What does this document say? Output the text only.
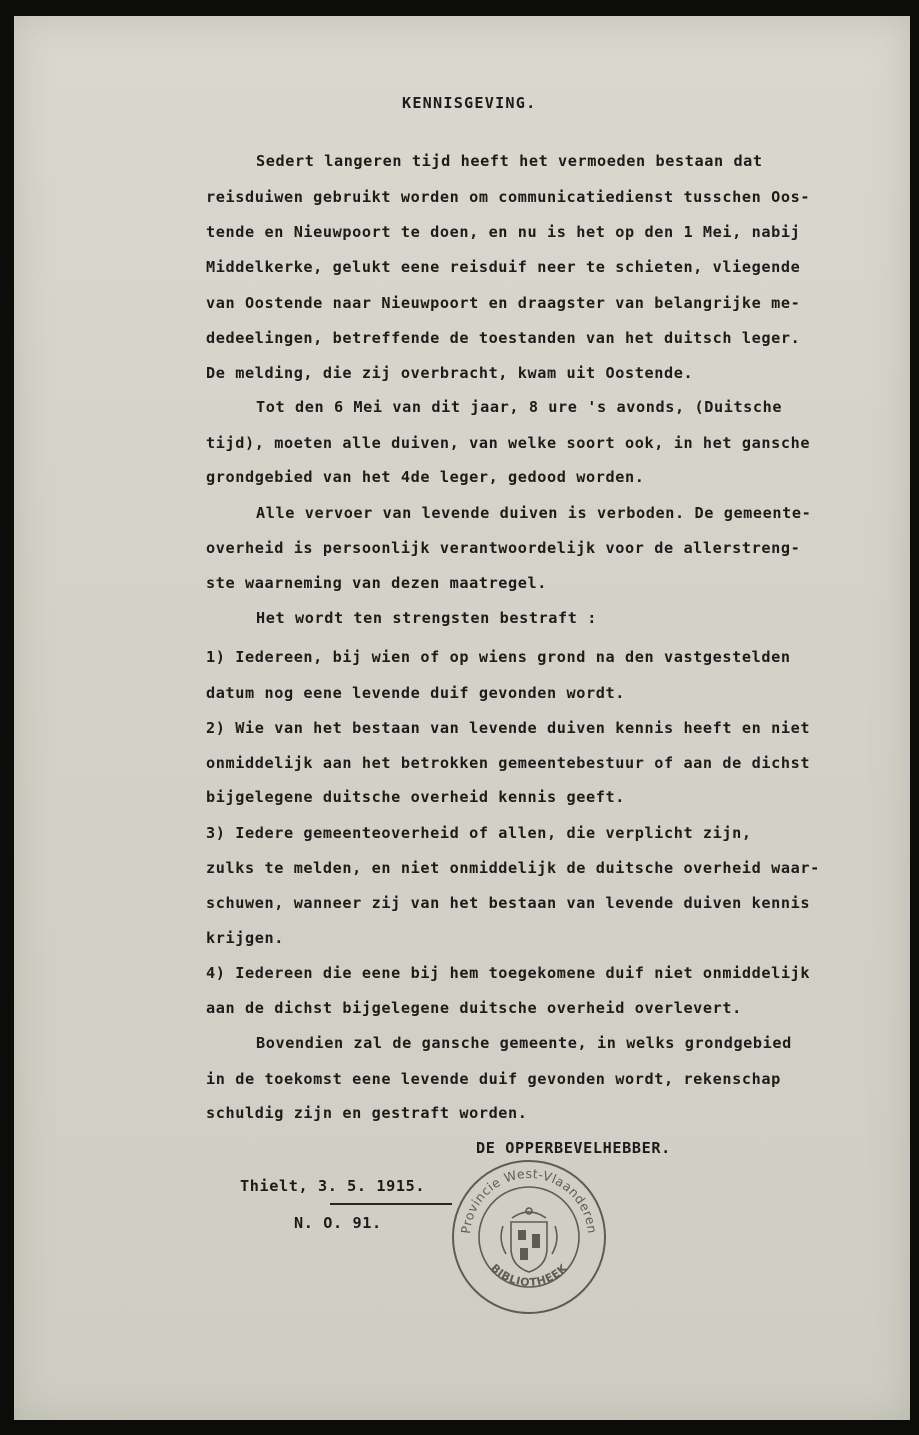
KENNISGEVING.
Sedert langeren tijd heeft het vermoeden bestaan dat
reisduiwen gebruikt worden om communicatiedienst tusschen Oos-
tende en Nieuwpoort te doen, en nu is het op den 1 Mei, nabij
Middelkerke, gelukt eene reisduif neer te schieten, vliegende
van Oostende naar Nieuwpoort en draagster van belangrijke me-
dedeelingen, betreffende de toestanden van het duitsch leger.
De melding, die zij overbracht, kwam uit Oostende.
Tot den 6 Mei van dit jaar, 8 ure 's avonds, (Duitsche
tijd), moeten alle duiven, van welke soort ook, in het gansche
grondgebied van het 4de leger, gedood worden.
Alle vervoer van levende duiven is verboden. De gemeente-
overheid is persoonlijk verantwoordelijk voor de allerstreng-
ste waarneming van dezen maatregel.
Het wordt ten strengsten bestraft :
1) Iedereen, bij wien of op wiens grond na den vastgestelden
datum nog eene levende duif gevonden wordt.
2) Wie van het bestaan van levende duiven kennis heeft en niet
onmiddelijk aan het betrokken gemeentebestuur of aan de dichst
bijgelegene duitsche overheid kennis geeft.
3) Iedere gemeenteoverheid of allen, die verplicht zijn,
zulks te melden, en niet onmiddelijk de duitsche overheid waar-
schuwen, wanneer zij van het bestaan van levende duiven kennis
krijgen.
4) Iedereen die eene bij hem toegekomene duif niet onmiddelijk
aan de dichst bijgelegene duitsche overheid overlevert.
Bovendien zal de gansche gemeente, in welks grondgebied
in de toekomst eene levende duif gevonden wordt, rekenschap
schuldig zijn en gestraft worden.
DE OPPERBEVELHEBBER.
Thielt, 3. 5. 1915.
N. O. 91.	Provincie West-Vlaanderen
BIBLIOTHEEK
